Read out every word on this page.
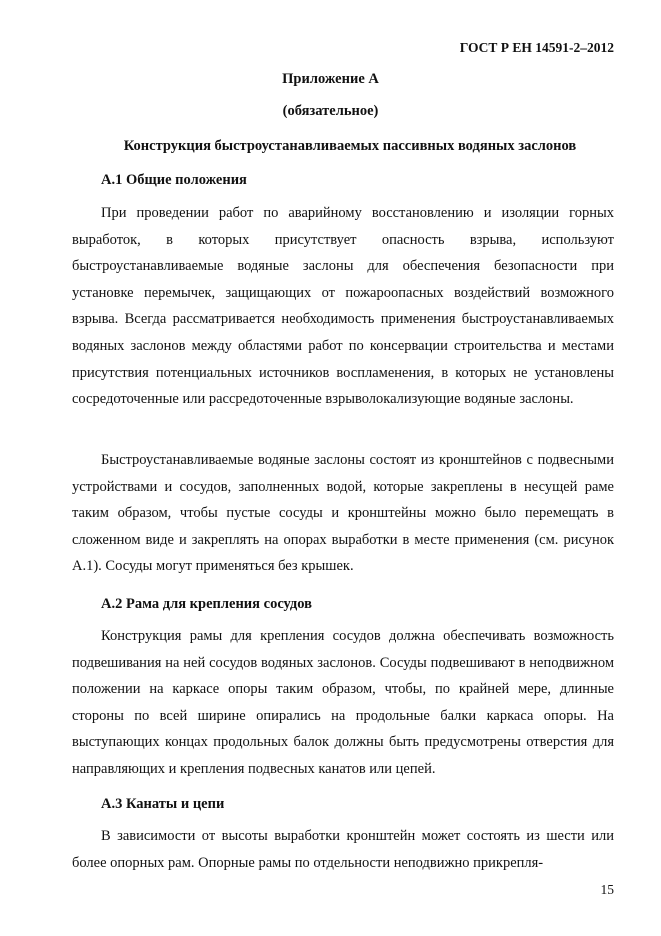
ГОСТ Р ЕН 14591-2–2012
Приложение А
(обязательное)
Конструкция быстроустанавливаемых пассивных водяных заслонов
А.1 Общие положения
При проведении работ по аварийному восстановлению и изоляции горных выработок, в которых присутствует опасность взрыва, используют быстроустанавливаемые водяные заслоны для обеспечения безопасности при установке перемычек, защищающих от пожароопасных воздействий возможного взрыва. Всегда рассматривается необходимость применения быстроустанавливаемых водяных заслонов между областями работ по консервации строительства и местами присутствия потенциальных источников воспламенения, в которых не установлены сосредоточенные или рассредоточенные взрыволокализующие водяные заслоны.
Быстроустанавливаемые водяные заслоны состоят из кронштейнов с подвесными устройствами и сосудов, заполненных водой, которые закреплены в несущей раме таким образом, чтобы пустые сосуды и кронштейны можно было перемещать в сложенном виде и закреплять на опорах выработки в месте применения (см. рисунок А.1). Сосуды могут применяться без крышек.
А.2 Рама для крепления сосудов
Конструкция рамы для крепления сосудов должна обеспечивать возможность подвешивания на ней сосудов водяных заслонов. Сосуды подвешивают в неподвижном положении на каркасе опоры таким образом, чтобы, по крайней мере, длинные стороны по всей ширине опирались на продольные балки каркаса опоры. На выступающих концах продольных балок должны быть предусмотрены отверстия для направляющих и крепления подвесных канатов или цепей.
А.3 Канаты и цепи
В зависимости от высоты выработки кронштейн может состоять из шести или более опорных рам. Опорные рамы по отдельности неподвижно прикрепля-
15
